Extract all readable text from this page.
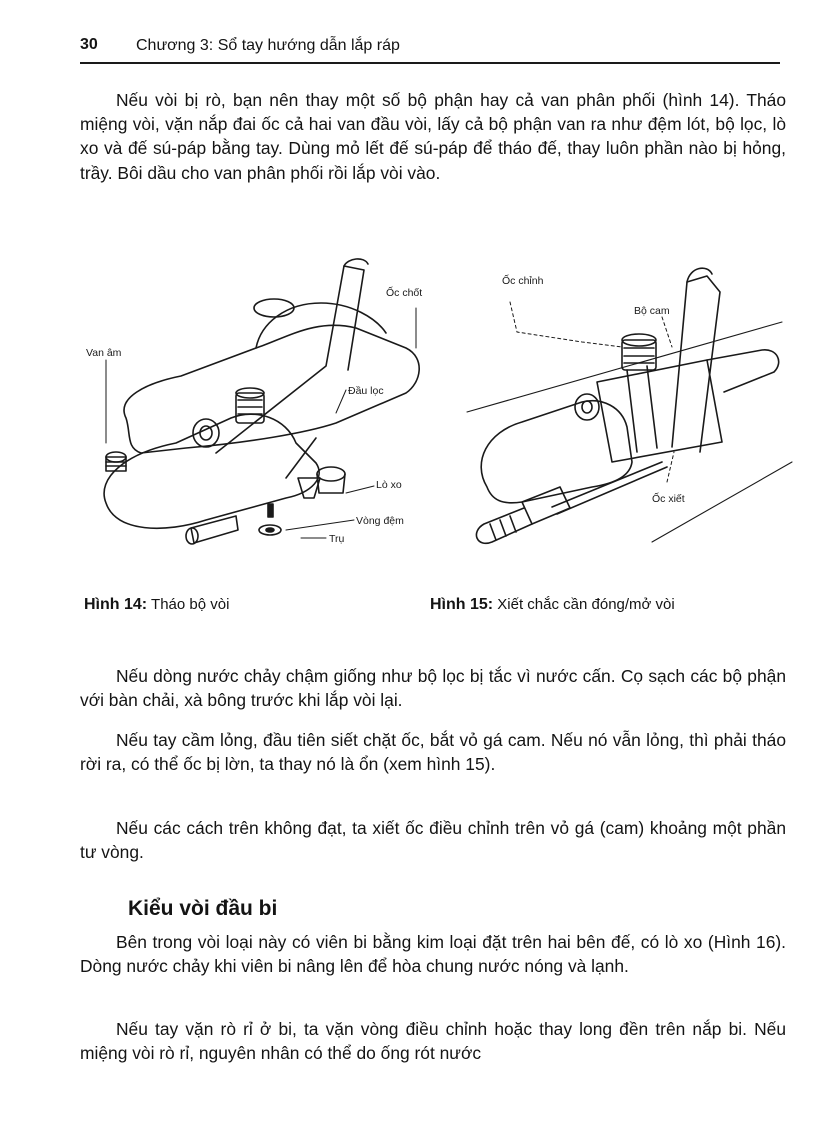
30 Chương 3: Sổ tay hướng dẫn lắp ráp

Nếu vòi bị rò, bạn nên thay một số bộ phận hay cả van phân phối (hình 14). Tháo miệng vòi, vặn nắp đai ốc cả hai van đầu vòi, lấy cả bộ phận van ra như đệm lót, bộ lọc, lò xo và đế sú-páp bằng tay. Dùng mỏ lết đế sú-páp để tháo đế, thay luôn phần nào bị hỏng, trầy. Bôi dầu cho van phân phối rồi lắp vòi vào.

Ốc chốt
Van âm
Đầu lọc
Lò xo
Vòng đệm
Trụ
Ốc chỉnh
Bộ cam
Ốc xiết
Hình 14: Tháo bộ vòi	Hình 15: Xiết chắc cần đóng/mở vòi

Nếu dòng nước chảy chậm giống như bộ lọc bị tắc vì nước cấn. Cọ sạch các bộ phận với bàn chải, xà bông trước khi lắp vòi lại.

Nếu tay cầm lỏng, đầu tiên siết chặt ốc, bắt vỏ gá cam. Nếu nó vẫn lỏng, thì phải tháo rời ra, có thể ốc bị lờn, ta thay nó là ổn (xem hình 15).

Nếu các cách trên không đạt, ta xiết ốc điều chỉnh trên vỏ gá (cam) khoảng một phần tư vòng.

Kiểu vòi đầu bi

Bên trong vòi loại này có viên bi bằng kim loại đặt trên hai bên đế, có lò xo (Hình 16). Dòng nước chảy khi viên bi nâng lên để hòa chung nước nóng và lạnh.

Nếu tay vặn rò rỉ ở bi, ta vặn vòng điều chỉnh hoặc thay long đền trên nắp bi. Nếu miệng vòi rò rỉ, nguyên nhân có thể do ống rót nước
